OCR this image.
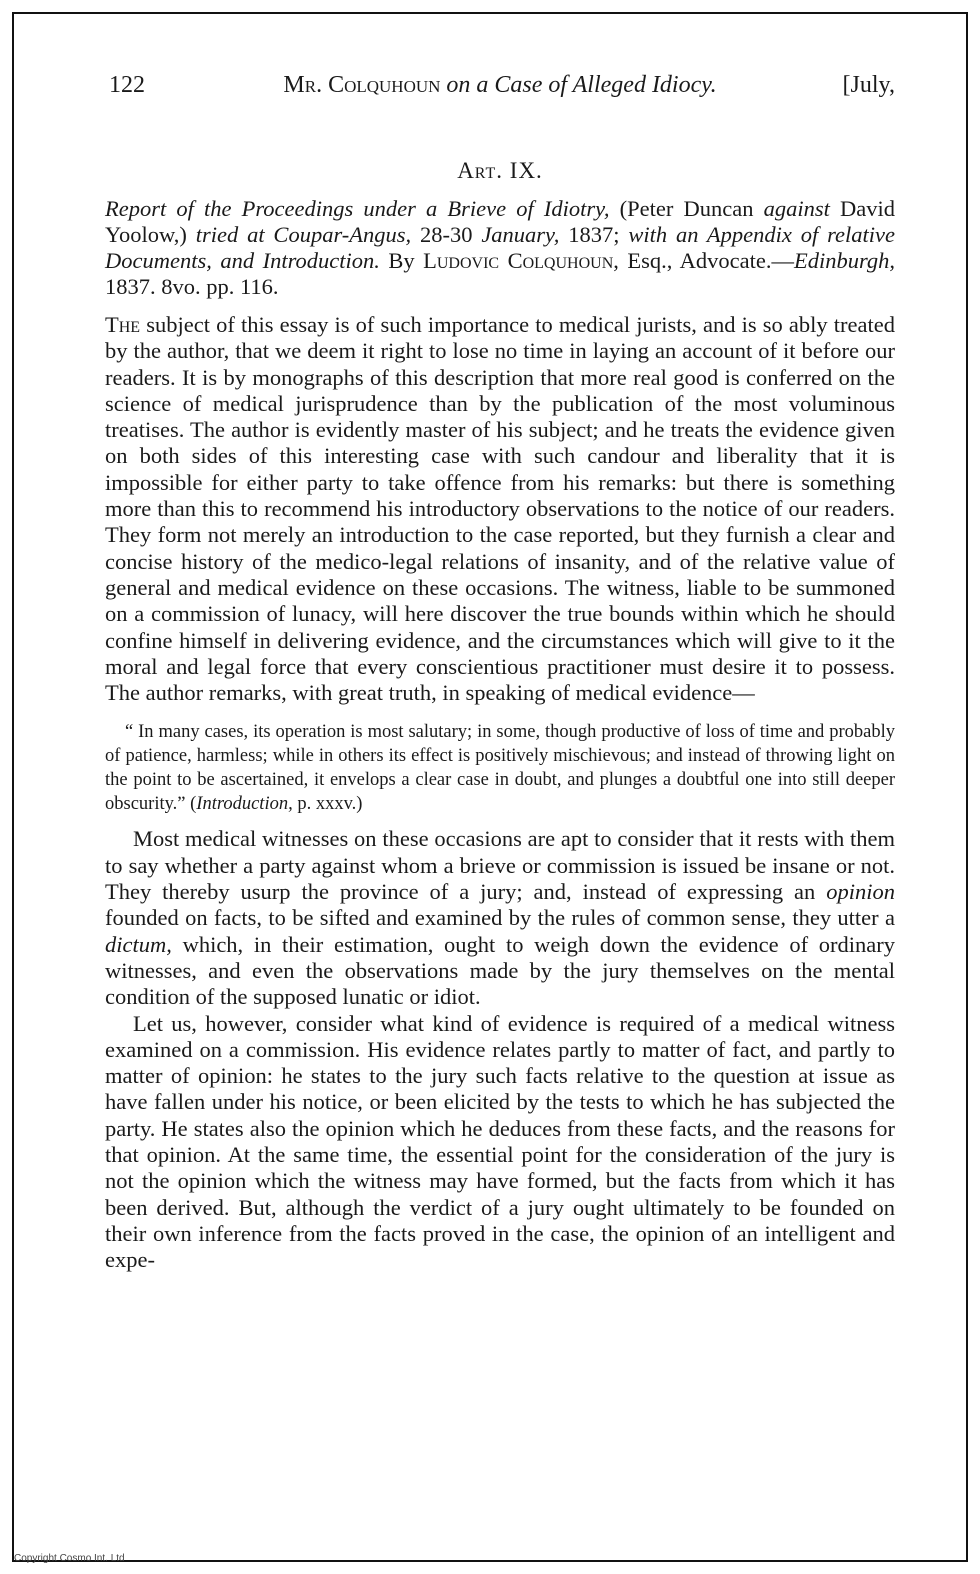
122	Mr. Colquhoun on a Case of Alleged Idiocy.	[July,
Art. IX.
Report of the Proceedings under a Brieve of Idiotry, (Peter Duncan against David Yoolow,) tried at Coupar-Angus, 28-30 January, 1837; with an Appendix of relative Documents, and Introduction. By Ludovic Colquhoun, Esq., Advocate.—Edinburgh, 1837. 8vo. pp. 116.

The subject of this essay is of such importance to medical jurists, and is so ably treated by the author, that we deem it right to lose no time in laying an account of it before our readers. It is by monographs of this description that more real good is conferred on the science of medical jurisprudence than by the publication of the most voluminous treatises. The author is evidently master of his subject; and he treats the evidence given on both sides of this interesting case with such candour and liberality that it is impossible for either party to take offence from his remarks: but there is something more than this to recommend his introductory observations to the notice of our readers. They form not merely an introduction to the case reported, but they furnish a clear and concise history of the medico-legal relations of insanity, and of the relative value of general and medical evidence on these occasions. The witness, liable to be summoned on a commission of lunacy, will here discover the true bounds within which he should confine himself in delivering evidence, and the circumstances which will give to it the moral and legal force that every conscientious practitioner must desire it to possess. The author remarks, with great truth, in speaking of medical evidence—

“ In many cases, its operation is most salutary; in some, though productive of loss of time and probably of patience, harmless; while in others its effect is positively mischievous; and instead of throwing light on the point to be ascertained, it envelops a clear case in doubt, and plunges a doubtful one into still deeper obscurity.” (Introduction, p. xxxv.)

Most medical witnesses on these occasions are apt to consider that it rests with them to say whether a party against whom a brieve or commission is issued be insane or not. They thereby usurp the province of a jury; and, instead of expressing an opinion founded on facts, to be sifted and examined by the rules of common sense, they utter a dictum, which, in their estimation, ought to weigh down the evidence of ordinary witnesses, and even the observations made by the jury themselves on the mental condition of the supposed lunatic or idiot.

Let us, however, consider what kind of evidence is required of a medical witness examined on a commission. His evidence relates partly to matter of fact, and partly to matter of opinion: he states to the jury such facts relative to the question at issue as have fallen under his notice, or been elicited by the tests to which he has subjected the party. He states also the opinion which he deduces from these facts, and the reasons for that opinion. At the same time, the essential point for the consideration of the jury is not the opinion which the witness may have formed, but the facts from which it has been derived. But, although the verdict of a jury ought ultimately to be founded on their own inference from the facts proved in the case, the opinion of an intelligent and expe-

Copyright Cosmo Int. Ltd
